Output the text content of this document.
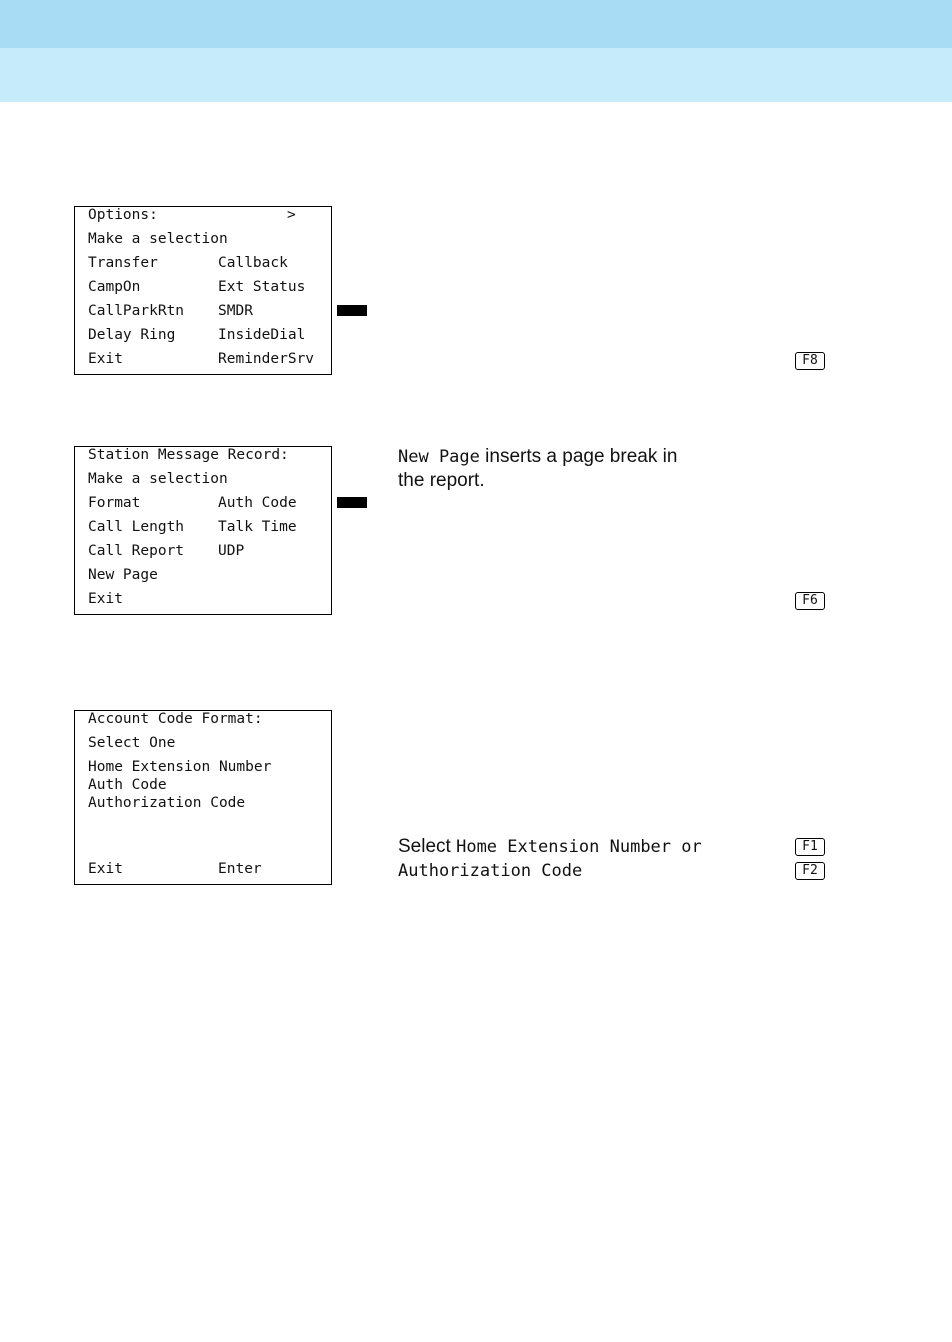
Options:	>
Make a selection
Transfer	Callback
CampOn	Ext Status
CallParkRtn SMDR
Delay Ring	InsideDial
Exit	ReminderSrv	F8
Station Message Record:
Make a selection
Format	Auth Code
Call Length Talk Time
Call Report UDP
New Page
Exit
New Page inserts a page break in
the report.
F6
Account Code Format:
Select One
Home Extension Number
Auth Code
Authorization Code
Exit	Enter
Select Home Extension Number or
Authorization Code
F1
F2
